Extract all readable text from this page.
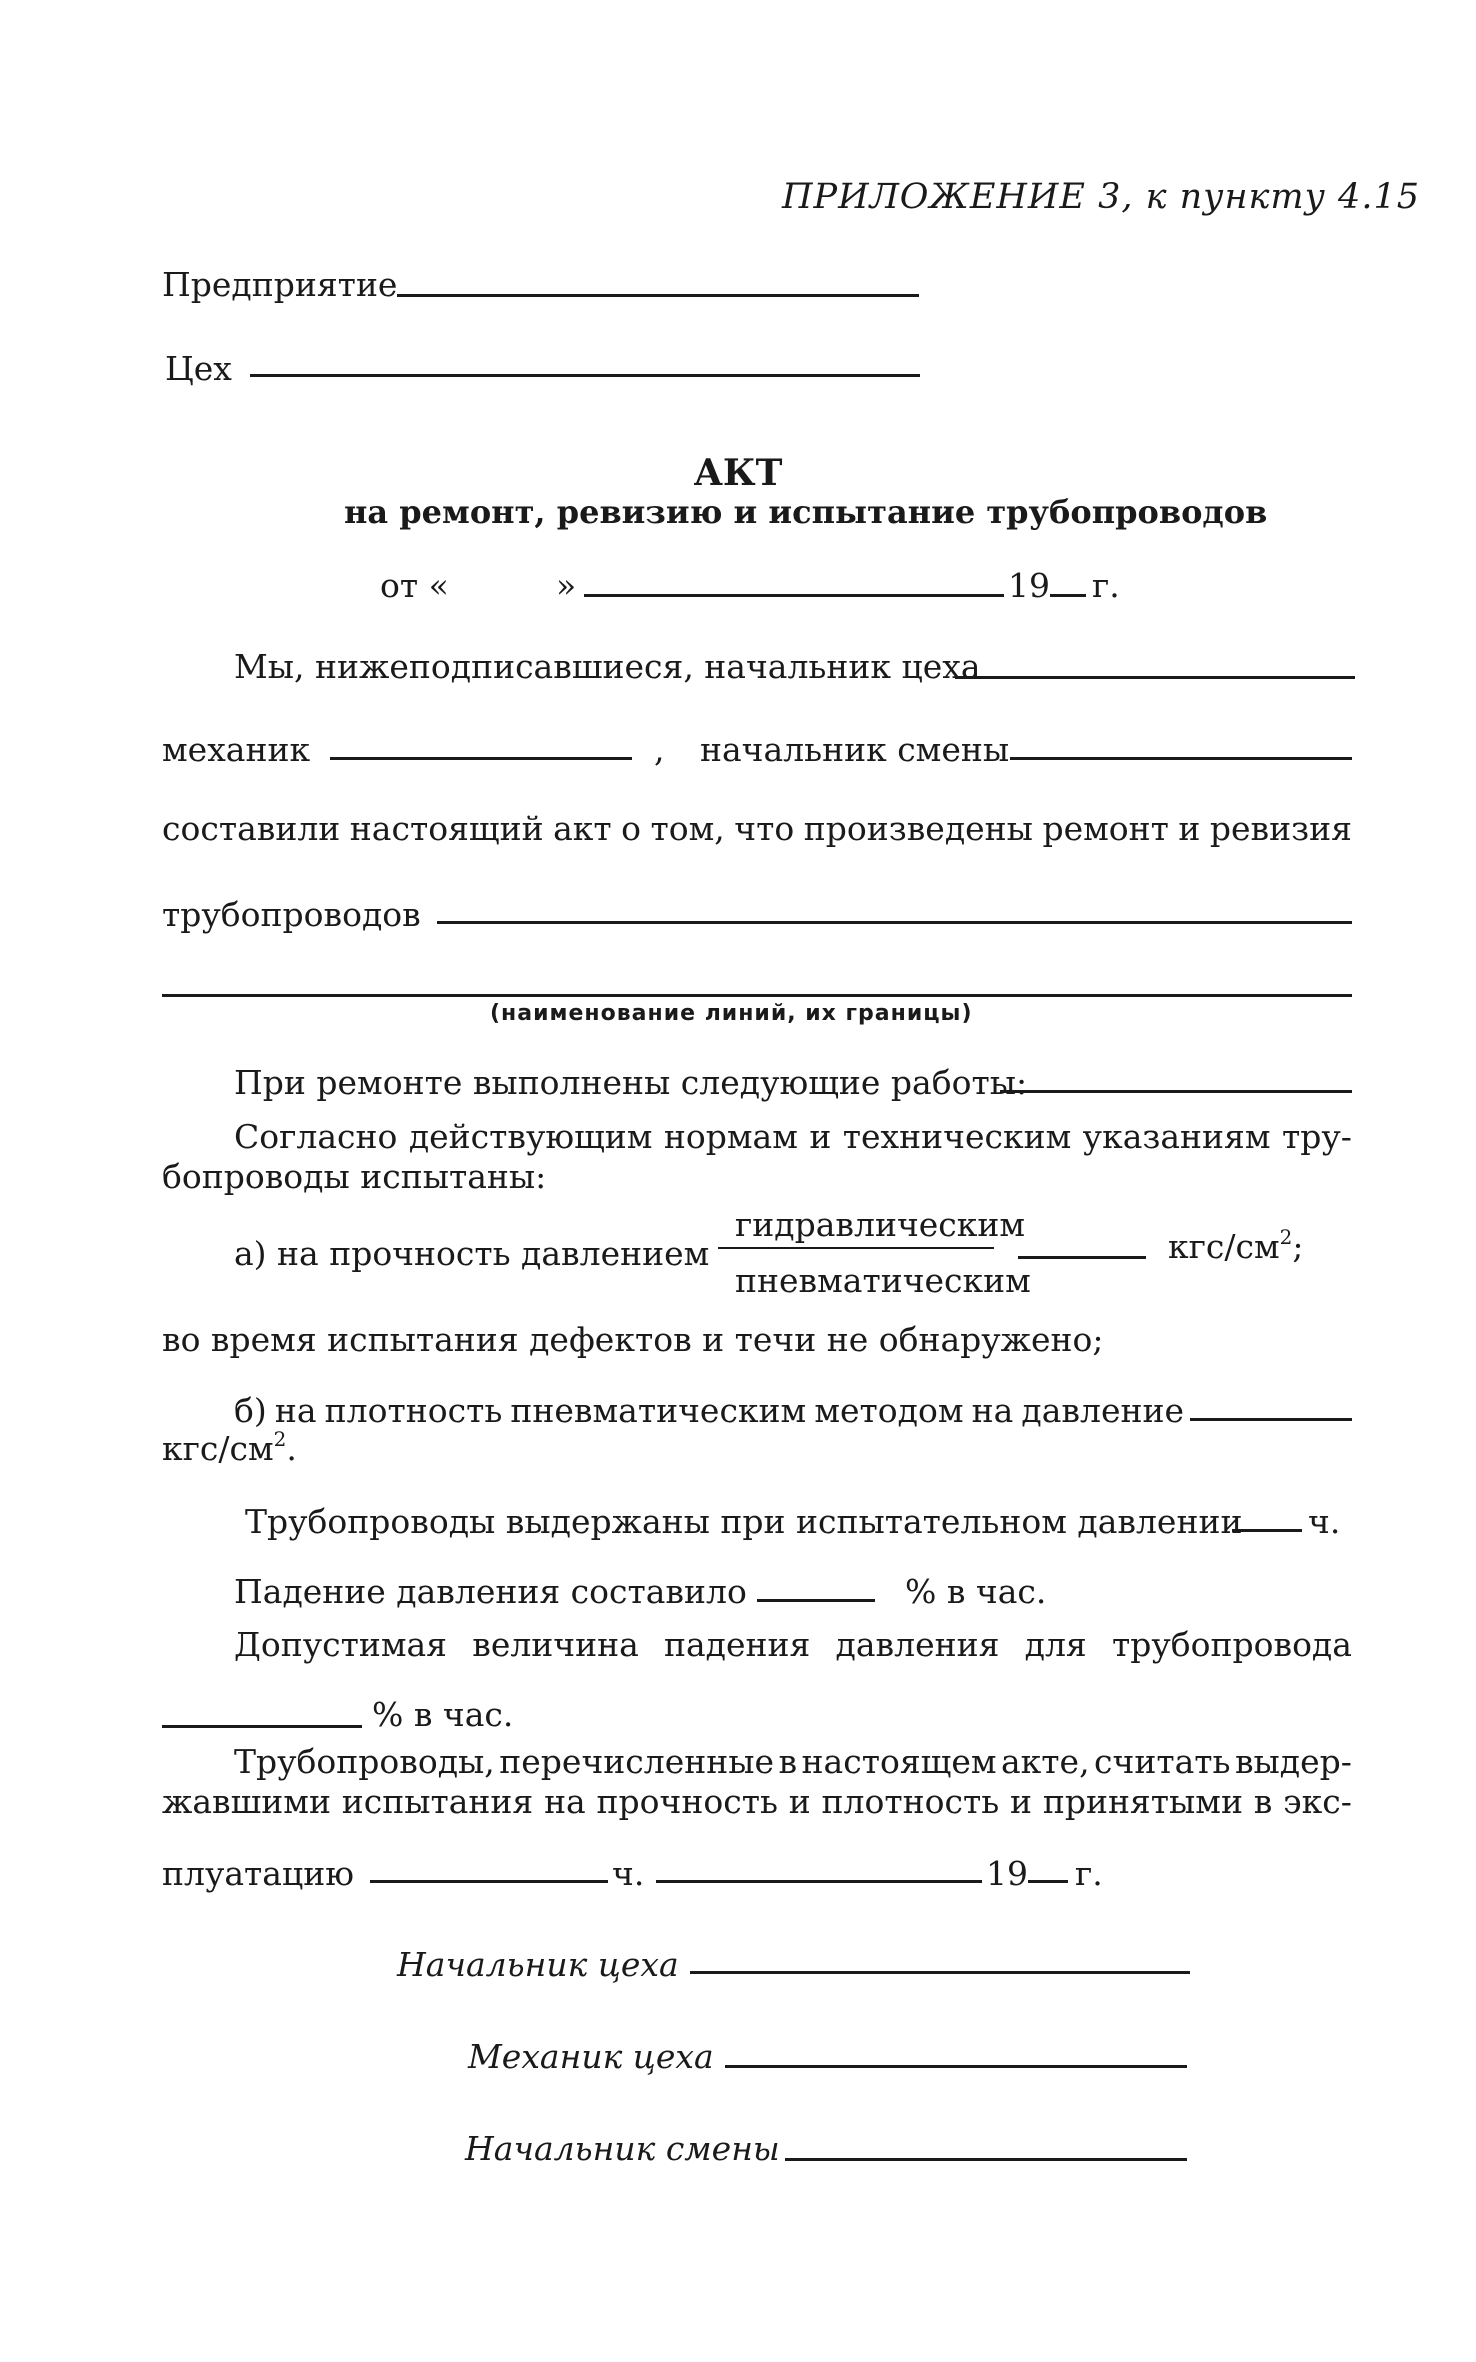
ПРИЛОЖЕНИЕ 3, к пункту 4.15
Предприятие
Цех
АКТ
на ремонт, ревизию и испытание трубопроводов
от «	»	19 г.
Мы, нижеподписавшиеся, начальник цеха
механик	, начальник смены
составили настоящий акт о том, что произведены ремонт и ревизия
трубопроводов
(наименование линий, их границы)
При ремонте выполнены следующие работы:
Согласно действующим нормам и техническим указаниям тру-
бопроводы испытаны:
а) на прочность давлением
гидравлическим
пневматическим
кгс/$см^2$;
во время испытания дефектов и течи не обнаружено;
б) на плотность пневматическим методом на давление
кгс/$см^2$.
Трубопроводы выдержаны при испытательном давлении ч.
Падение давления составило	% в час.
Допустимая величина падения давления для трубопровода
% в час.
Трубопроводы, перечисленные в настоящем акте, считать выдер-
жавшими испытания на прочность и плотность и принятыми в экс-
плуатацию	ч.	19 г.
Начальник цеха
Механик цеха
Начальник смены
